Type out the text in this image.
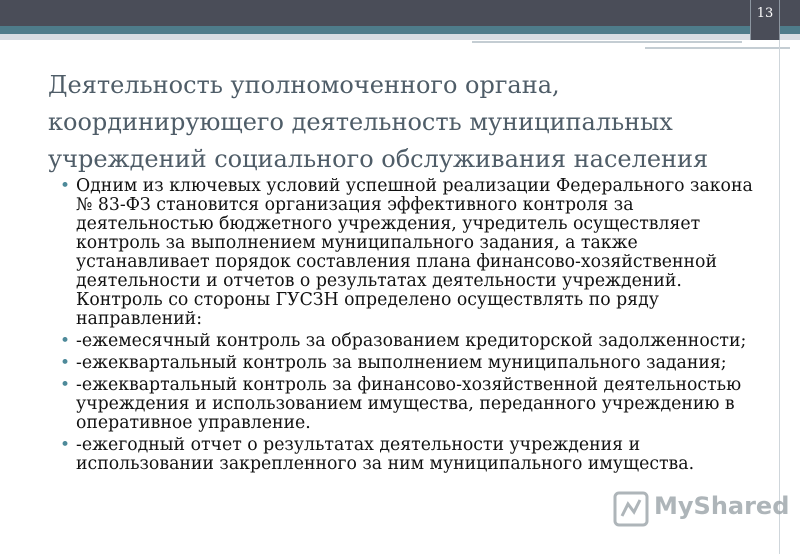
13
Деятельность уполномоченного органа, координирующего деятельность муниципальных учреждений социального обслуживания населения
• Одним из ключевых условий успешной реализации Федерального закона № 83-ФЗ становится организация эффективного контроля за деятельностью бюджетного учреждения, учредитель осуществляет контроль за выполнением муниципального задания, а также устанавливает порядок составления плана финансово-хозяйственной деятельности и отчетов о результатах деятельности учреждений. Контроль со стороны ГУСЗН определено осуществлять по ряду направлений:
• -ежемесячный контроль за образованием кредиторской задолженности;
• -ежеквартальный контроль за выполнением муниципального задания;
• -ежеквартальный контроль за финансово-хозяйственной деятельностью учреждения и использованием имущества, переданного учреждению в оперативное управление.
• -ежегодный отчет о результатах деятельности учреждения и использовании закрепленного за ним муниципального имущества.
MyShared
